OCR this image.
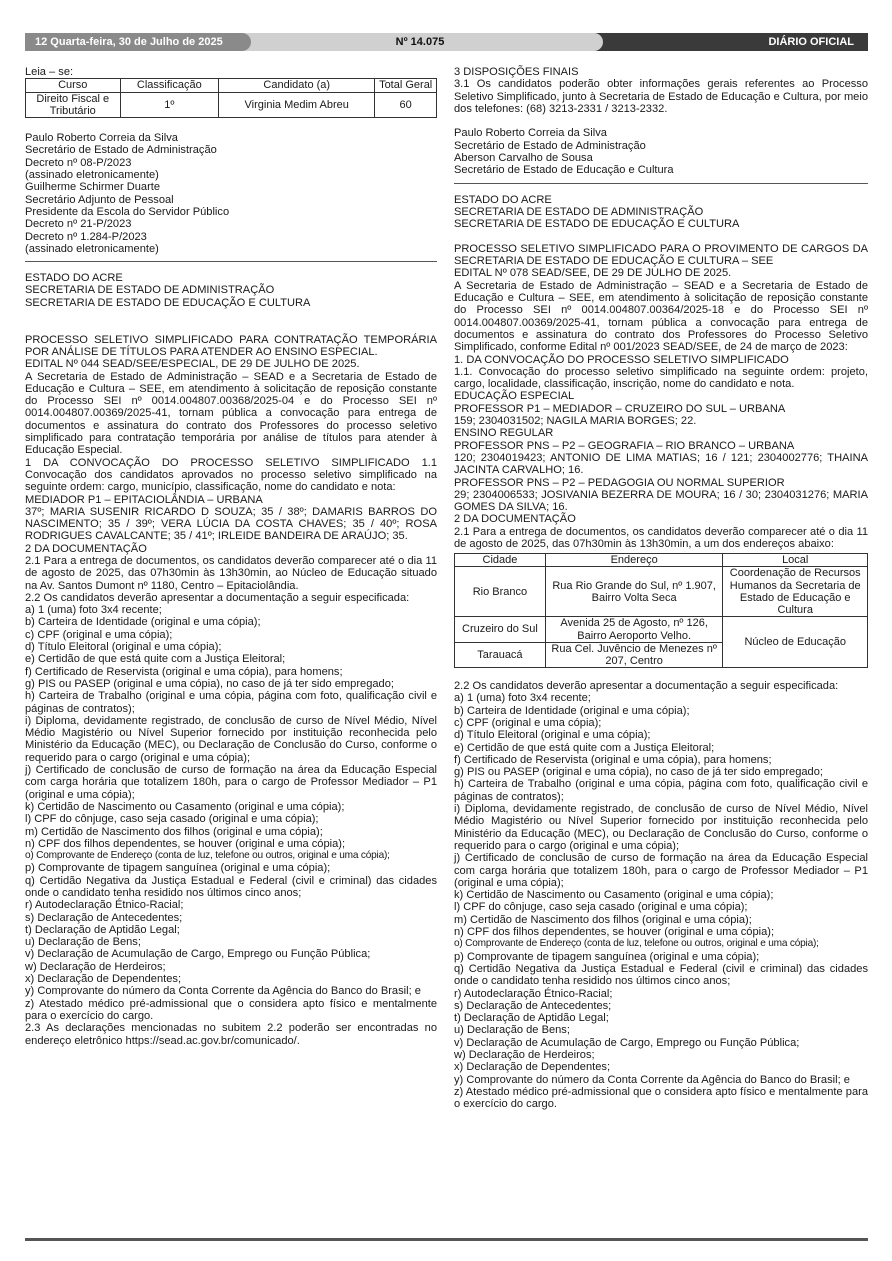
12 Quarta-feira, 30 de Julho de 2025	Nº 14.075	DIÁRIO OFICIAL

Leia – se:

Curso	Classificação	Candidato (a)	Total Geral
Direito Fiscal e Tributário	1º	Virginia Medim Abreu	60

Paulo Roberto Correia da Silva

Secretário de Estado de Administração

Decreto nº 08-P/2023

(assinado eletronicamente)

Guilherme Schirmer Duarte

Secretário Adjunto de Pessoal

Presidente da Escola do Servidor Público

Decreto nº 21-P/2023

Decreto nº 1.284-P/2023

(assinado eletronicamente)

ESTADO DO ACRE

SECRETARIA DE ESTADO DE ADMINISTRAÇÃO

SECRETARIA DE ESTADO DE EDUCAÇÃO E CULTURA

PROCESSO SELETIVO SIMPLIFICADO PARA CONTRATAÇÃO TEMPORÁRIA POR ANÁLISE DE TÍTULOS PARA ATENDER AO ENSINO ESPECIAL.

EDITAL Nº 044 SEAD/SEE/ESPECIAL, DE 29 DE JULHO DE 2025.

A Secretaria de Estado de Administração – SEAD e a Secretaria de Estado de Educação e Cultura – SEE, em atendimento à solicitação de reposição constante do Processo SEI nº 0014.004807.00368/2025-04 e do Processo SEI nº 0014.004807.00369/2025-41, tornam pública a convocação para entrega de documentos e assinatura do contrato dos Professores do processo seletivo simplificado para contratação temporária por análise de títulos para atender à Educação Especial.

1 DA CONVOCAÇÃO DO PROCESSO SELETIVO SIMPLIFICADO 1.1 Convocação dos candidatos aprovados no processo seletivo simplificado na seguinte ordem: cargo, município, classificação, nome do candidato e nota:

MEDIADOR P1 – EPITACIOLÂNDIA – URBANA

37º; MARIA SUSENIR RICARDO D SOUZA; 35 / 38º; DAMARIS BARROS DO NASCIMENTO; 35 / 39º; VERA LÚCIA DA COSTA CHAVES; 35 / 40º; ROSA RODRIGUES CAVALCANTE; 35 / 41º; IRLEIDE BANDEIRA DE ARAÚJO; 35.

2 DA DOCUMENTAÇÃO

2.1 Para a entrega de documentos, os candidatos deverão comparecer até o dia 11 de agosto de 2025, das 07h30min às 13h30min, ao Núcleo de Educação situado na Av. Santos Dumont nº 1180, Centro – Epitaciolândia.

2.2 Os candidatos deverão apresentar a documentação a seguir especificada:

a) 1 (uma) foto 3x4 recente;

b) Carteira de Identidade (original e uma cópia);

c) CPF (original e uma cópia);

d) Título Eleitoral (original e uma cópia);

e) Certidão de que está quite com a Justiça Eleitoral;

f) Certificado de Reservista (original e uma cópia), para homens;

g) PIS ou PASEP (original e uma cópia), no caso de já ter sido empregado;

h) Carteira de Trabalho (original e uma cópia, página com foto, qualificação civil e páginas de contratos);

i) Diploma, devidamente registrado, de conclusão de curso de Nível Médio, Nível Médio Magistério ou Nível Superior fornecido por instituição reconhecida pelo Ministério da Educação (MEC), ou Declaração de Conclusão do Curso, conforme o requerido para o cargo (original e uma cópia);

j) Certificado de conclusão de curso de formação na área da Educação Especial com carga horária que totalizem 180h, para o cargo de Professor Mediador – P1 (original e uma cópia);

k) Certidão de Nascimento ou Casamento (original e uma cópia);

l) CPF do cônjuge, caso seja casado (original e uma cópia);

m) Certidão de Nascimento dos filhos (original e uma cópia);

n) CPF dos filhos dependentes, se houver (original e uma cópia);

o) Comprovante de Endereço (conta de luz, telefone ou outros, original e uma cópia);

p) Comprovante de tipagem sanguínea (original e uma cópia);

q) Certidão Negativa da Justiça Estadual e Federal (civil e criminal) das cidades onde o candidato tenha residido nos últimos cinco anos;

r) Autodeclaração Étnico-Racial;

s) Declaração de Antecedentes;

t) Declaração de Aptidão Legal;

u) Declaração de Bens;

v) Declaração de Acumulação de Cargo, Emprego ou Função Pública;

w) Declaração de Herdeiros;

x) Declaração de Dependentes;

y) Comprovante do número da Conta Corrente da Agência do Banco do Brasil; e

z) Atestado médico pré-admissional que o considera apto físico e mentalmente para o exercício do cargo.

2.3 As declarações mencionadas no subitem 2.2 poderão ser encontradas no endereço eletrônico https://sead.ac.gov.br/comunicado/.

3 DISPOSIÇÕES FINAIS

3.1 Os candidatos poderão obter informações gerais referentes ao Processo Seletivo Simplificado, junto à Secretaria de Estado de Educação e Cultura, por meio dos telefones: (68) 3213-2331 / 3213-2332.

Paulo Roberto Correia da Silva

Secretário de Estado de Administração

Aberson Carvalho de Sousa

Secretário de Estado de Educação e Cultura

ESTADO DO ACRE

SECRETARIA DE ESTADO DE ADMINISTRAÇÃO

SECRETARIA DE ESTADO DE EDUCAÇÃO E CULTURA

PROCESSO SELETIVO SIMPLIFICADO PARA O PROVIMENTO DE CARGOS DA SECRETARIA DE ESTADO DE EDUCAÇÃO E CULTURA – SEE

EDITAL Nº 078 SEAD/SEE, DE 29 DE JULHO DE 2025.

A Secretaria de Estado de Administração – SEAD e a Secretaria de Estado de Educação e Cultura – SEE, em atendimento à solicitação de reposição constante do Processo SEI nº 0014.004807.00364/2025-18 e do Processo SEI nº 0014.004807.00369/2025-41, tornam pública a convocação para entrega de documentos e assinatura do contrato dos Professores do Processo Seletivo Simplificado, conforme Edital nº 001/2023 SEAD/SEE, de 24 de março de 2023:

1. DA CONVOCAÇÃO DO PROCESSO SELETIVO SIMPLIFICADO

1.1. Convocação do processo seletivo simplificado na seguinte ordem: projeto, cargo, localidade, classificação, inscrição, nome do candidato e nota.

EDUCAÇÃO ESPECIAL

PROFESSOR P1 – MEDIADOR – CRUZEIRO DO SUL – URBANA

159; 2304031502; NAGILA MARIA BORGES; 22.

ENSINO REGULAR

PROFESSOR PNS – P2 – GEOGRAFIA – RIO BRANCO – URBANA

120; 2304019423; ANTONIO DE LIMA MATIAS; 16 / 121; 2304002776; THAINA JACINTA CARVALHO; 16.

PROFESSOR PNS – P2 – PEDAGOGIA OU NORMAL SUPERIOR

29; 2304006533; JOSIVANIA BEZERRA DE MOURA; 16 / 30; 2304031276; MARIA GOMES DA SILVA; 16.

2 DA DOCUMENTAÇÃO

2.1 Para a entrega de documentos, os candidatos deverão comparecer até o dia 11 de agosto de 2025, das 07h30min às 13h30min, a um dos endereços abaixo:

Cidade	Endereço	Local
Rio Branco	Rua Rio Grande do Sul, nº 1.907, Bairro Volta Seca	Coordenação de Recursos Humanos da Secretaria de Estado de Educação e Cultura
Cruzeiro do Sul	Avenida 25 de Agosto, nº 126, Bairro Aeroporto Velho.	Núcleo de Educação
Tarauacá	Rua Cel. Juvêncio de Menezes nº 207, Centro	

2.2 Os candidatos deverão apresentar a documentação a seguir especificada:

a) 1 (uma) foto 3x4 recente;

b) Carteira de Identidade (original e uma cópia);

c) CPF (original e uma cópia);

d) Título Eleitoral (original e uma cópia);

e) Certidão de que está quite com a Justiça Eleitoral;

f) Certificado de Reservista (original e uma cópia), para homens;

g) PIS ou PASEP (original e uma cópia), no caso de já ter sido empregado;

h) Carteira de Trabalho (original e uma cópia, página com foto, qualificação civil e páginas de contratos);

i) Diploma, devidamente registrado, de conclusão de curso de Nível Médio, Nível Médio Magistério ou Nível Superior fornecido por instituição reconhecida pelo Ministério da Educação (MEC), ou Declaração de Conclusão do Curso, conforme o requerido para o cargo (original e uma cópia);

j) Certificado de conclusão de curso de formação na área da Educação Especial com carga horária que totalizem 180h, para o cargo de Professor Mediador – P1 (original e uma cópia);

k) Certidão de Nascimento ou Casamento (original e uma cópia);

l) CPF do cônjuge, caso seja casado (original e uma cópia);

m) Certidão de Nascimento dos filhos (original e uma cópia);

n) CPF dos filhos dependentes, se houver (original e uma cópia);

o) Comprovante de Endereço (conta de luz, telefone ou outros, original e uma cópia);

p) Comprovante de tipagem sanguínea (original e uma cópia);

q) Certidão Negativa da Justiça Estadual e Federal (civil e criminal) das cidades onde o candidato tenha residido nos últimos cinco anos;

r) Autodeclaração Étnico-Racial;

s) Declaração de Antecedentes;

t) Declaração de Aptidão Legal;

u) Declaração de Bens;

v) Declaração de Acumulação de Cargo, Emprego ou Função Pública;

w) Declaração de Herdeiros;

x) Declaração de Dependentes;

y) Comprovante do número da Conta Corrente da Agência do Banco do Brasil; e

z) Atestado médico pré-admissional que o considera apto físico e mentalmente para o exercício do cargo.
